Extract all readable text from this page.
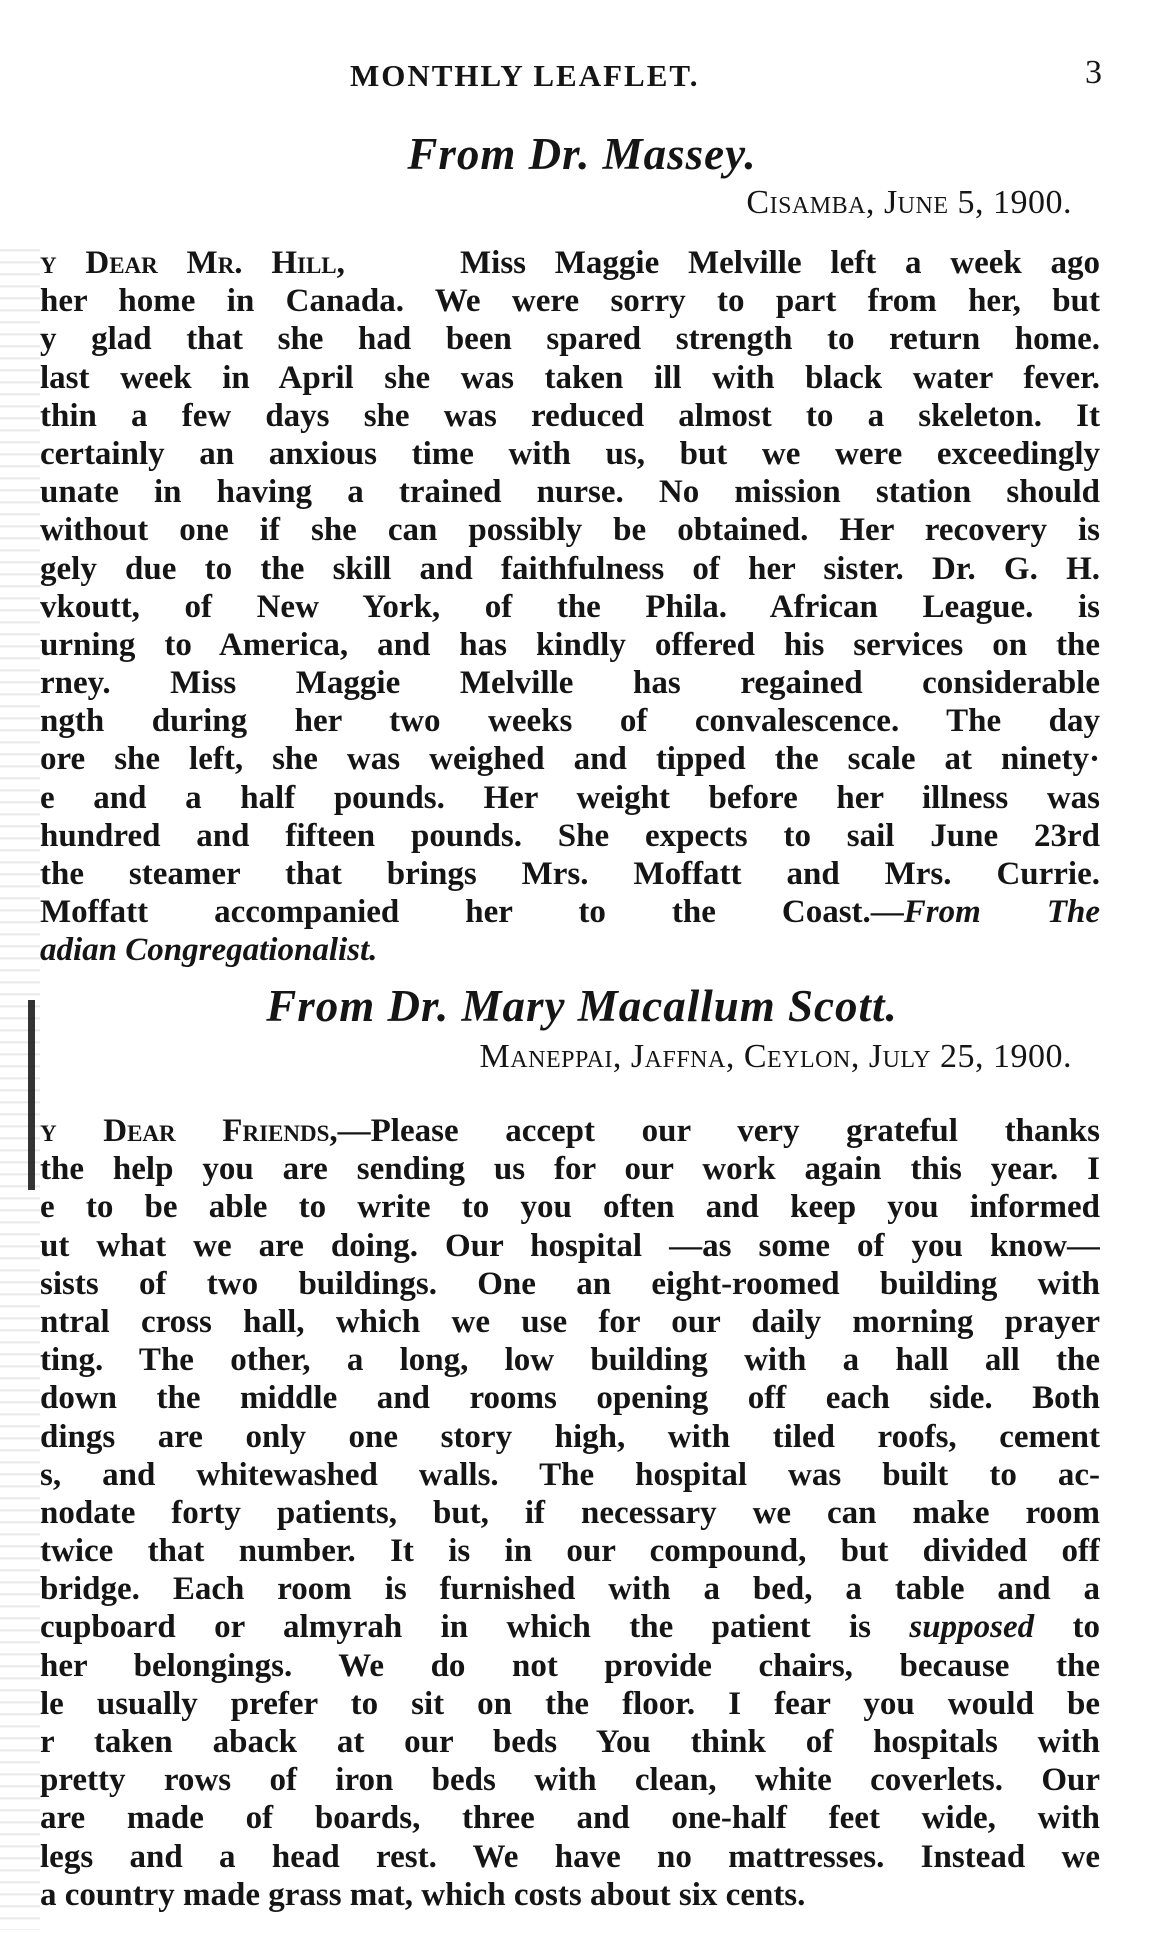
MONTHLY LEAFLET.	3
From Dr. Massey.
Cisamba, June 5, 1900.
y Dear Mr. Hill,	Miss Maggie Melville left a week ago
her home in Canada. We were sorry to part from her, but
y glad that she had been spared strength to return home.
last week in April she was taken ill with black water fever.
thin a few days she was reduced almost to a skeleton. It
certainly an anxious time with us, but we were exceedingly
unate in having a trained nurse. No mission station should
without one if she can possibly be obtained. Her recovery is
gely due to the skill and faithfulness of her sister. Dr. G. H.
vkoutt, of New York, of the Phila. African League. is
urning to America, and has kindly offered his services on the
rney. Miss Maggie Melville has regained considerable
ngth during her two weeks of convalescence. The day
ore she left, she was weighed and tipped the scale at ninety·
e and a half pounds. Her weight before her illness was
hundred and fifteen pounds. She expects to sail June 23rd
the steamer that brings Mrs. Moffatt and Mrs. Currie.
Moffatt accompanied her to the Coast.—From The
adian Congregationalist.
From Dr. Mary Macallum Scott.
Maneppai, Jaffna, Ceylon, July 25, 1900.
y Dear Friends,—Please accept our very grateful thanks
the help you are sending us for our work again this year. I
e to be able to write to you often and keep you informed
ut what we are doing. Our hospital —as some of you know—
sists of two buildings. One an eight-roomed building with
ntral cross hall, which we use for our daily morning prayer
ting. The other, a long, low building with a hall all the
down the middle and rooms opening off each side. Both
dings are only one story high, with tiled roofs, cement
s, and whitewashed walls. The hospital was built to ac-
nodate forty patients, but, if necessary we can make room
twice that number. It is in our compound, but divided off
bridge. Each room is furnished with a bed, a table and a
cupboard or almyrah in which the patient is supposed to
her belongings. We do not provide chairs, because the
le usually prefer to sit on the floor. I fear you would be
r taken aback at our beds You think of hospitals with
pretty rows of iron beds with clean, white coverlets. Our
are made of boards, three and one-half feet wide, with
legs and a head rest. We have no mattresses. Instead we
a country made grass mat, which costs about six cents.
